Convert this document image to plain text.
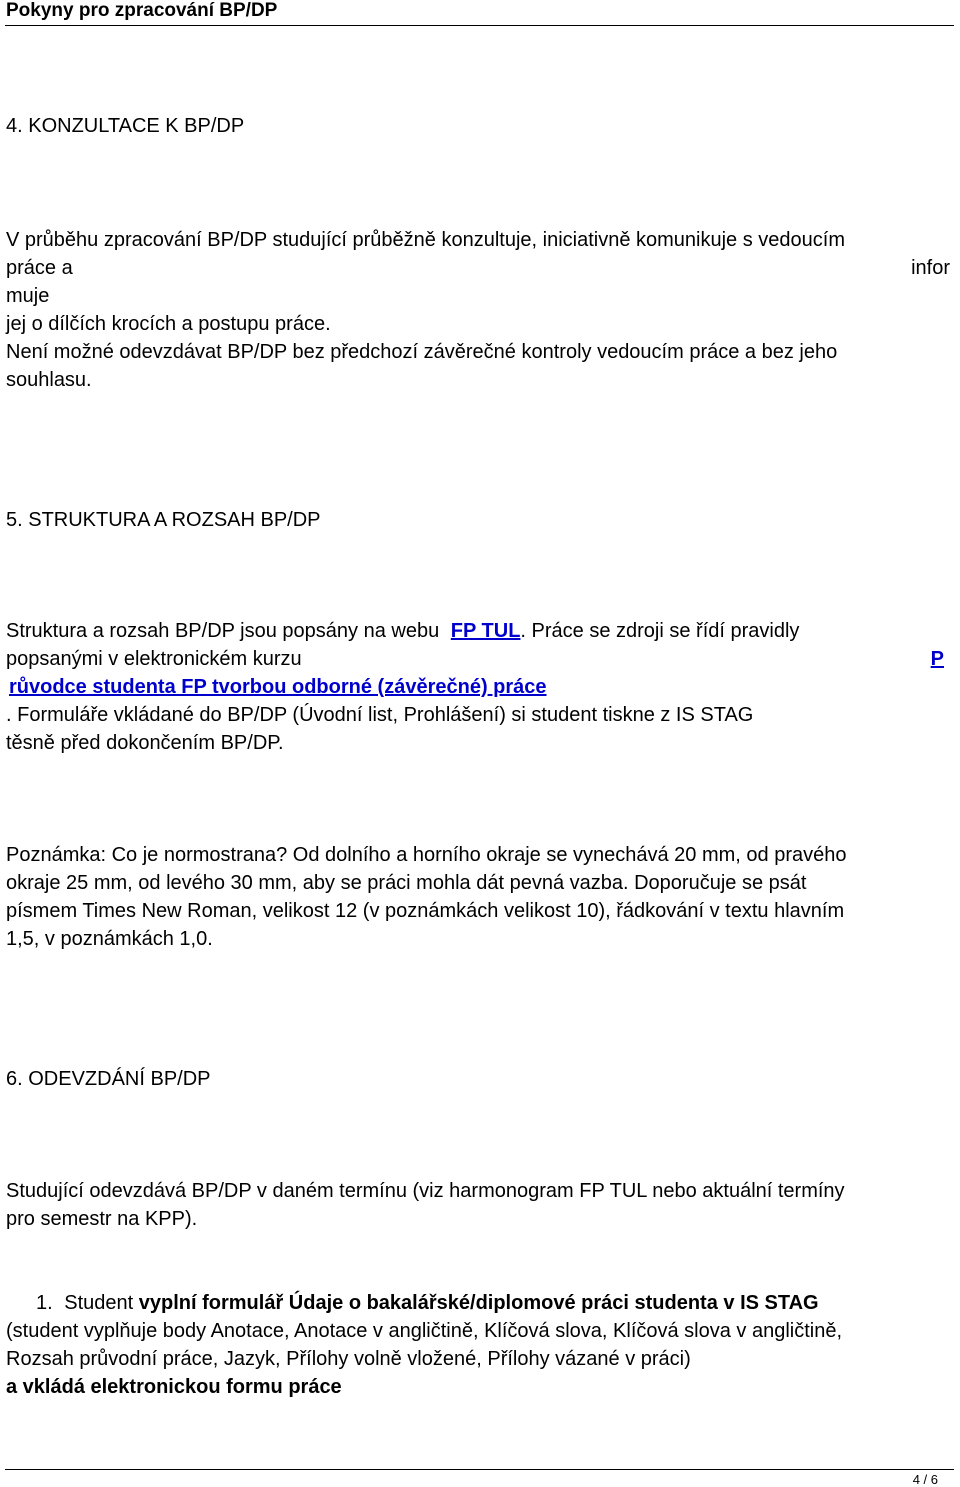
Pokyny pro zpracování BP/DP
4. KONZULTACE K BP/DP
V průběhu zpracování BP/DP studující průběžně konzultuje, iniciativně komunikuje s vedoucím
práce a	infor
muje
jej o dílčích krocích a postupu práce.
Není možné odevzdávat BP/DP bez předchozí závěrečné kontroly vedoucím práce a bez jeho
souhlasu.
5. STRUKTURA A ROZSAH BP/DP
Struktura a rozsah BP/DP jsou popsány na webu FP TUL. Práce se zdroji se řídí pravidly
popsanými v elektronickém kurzu	P
růvodce studenta FP tvorbou odborné (závěrečné) práce
. Formuláře vkládané do BP/DP (Úvodní list, Prohlášení) si student tiskne z IS STAG
těsně před dokončením BP/DP.
Poznámka: Co je normostrana? Od dolního a horního okraje se vynechává 20 mm, od pravého
okraje 25 mm, od levého 30 mm, aby se práci mohla dát pevná vazba. Doporučuje se psát
písmem Times New Roman, velikost 12 (v poznámkách velikost 10), řádkování v textu hlavním
1,5, v poznámkách 1,0.
6. ODEVZDÁNÍ BP/DP
Studující odevzdává BP/DP v daném termínu (viz harmonogram FP TUL nebo aktuální termíny
pro semestr na KPP).
1. Student vyplní formulář Údaje o bakalářské/diplomové práci studenta v IS STAG
(student vyplňuje body Anotace, Anotace v angličtině, Klíčová slova, Klíčová slova v angličtině,
Rozsah průvodní práce, Jazyk, Přílohy volně vložené, Přílohy vázané v práci)
a vkládá elektronickou formu práce
4 / 6
